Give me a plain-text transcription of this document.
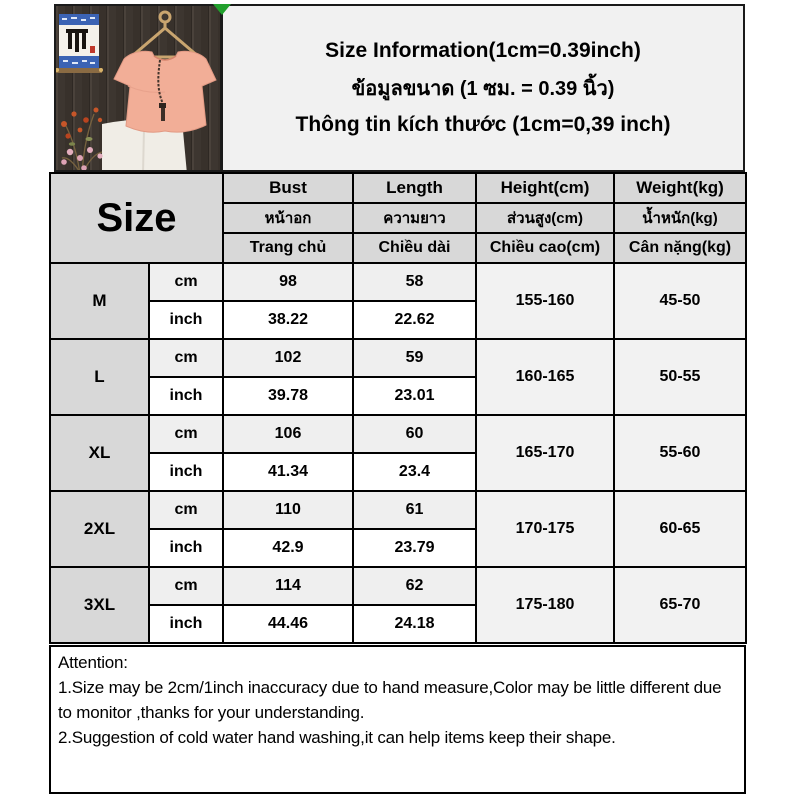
Size Information(1cm=0.39inch)
ข้อมูลขนาด (1 ซม. = 0.39 นิ้ว)
Thông tin kích thước (1cm=0,39 inch)
Size		Bust	Length	Height(cm)	Weight(kg)
		หน้าอก	ความยาว	ส่วนสูง(cm)	น้ำหนัก(kg)
		Trang chủ	Chiều dài	Chiều cao(cm)	Cân nặng(kg)
M	cm	98	58	155-160	45-50
	inch	38.22	22.62		
L	cm	102	59	160-165	50-55
	inch	39.78	23.01		
XL	cm	106	60	165-170	55-60
	inch	41.34	23.4		
2XL	cm	110	61	170-175	60-65
	inch	42.9	23.79		
3XL	cm	114	62	175-180	65-70
	inch	44.46	24.18		
Attention:
1.Size may be 2cm/1inch inaccuracy due to hand measure,Color may be little different due to monitor ,thanks for your understanding.
2.Suggestion of cold water hand washing,it can help items keep their shape.
